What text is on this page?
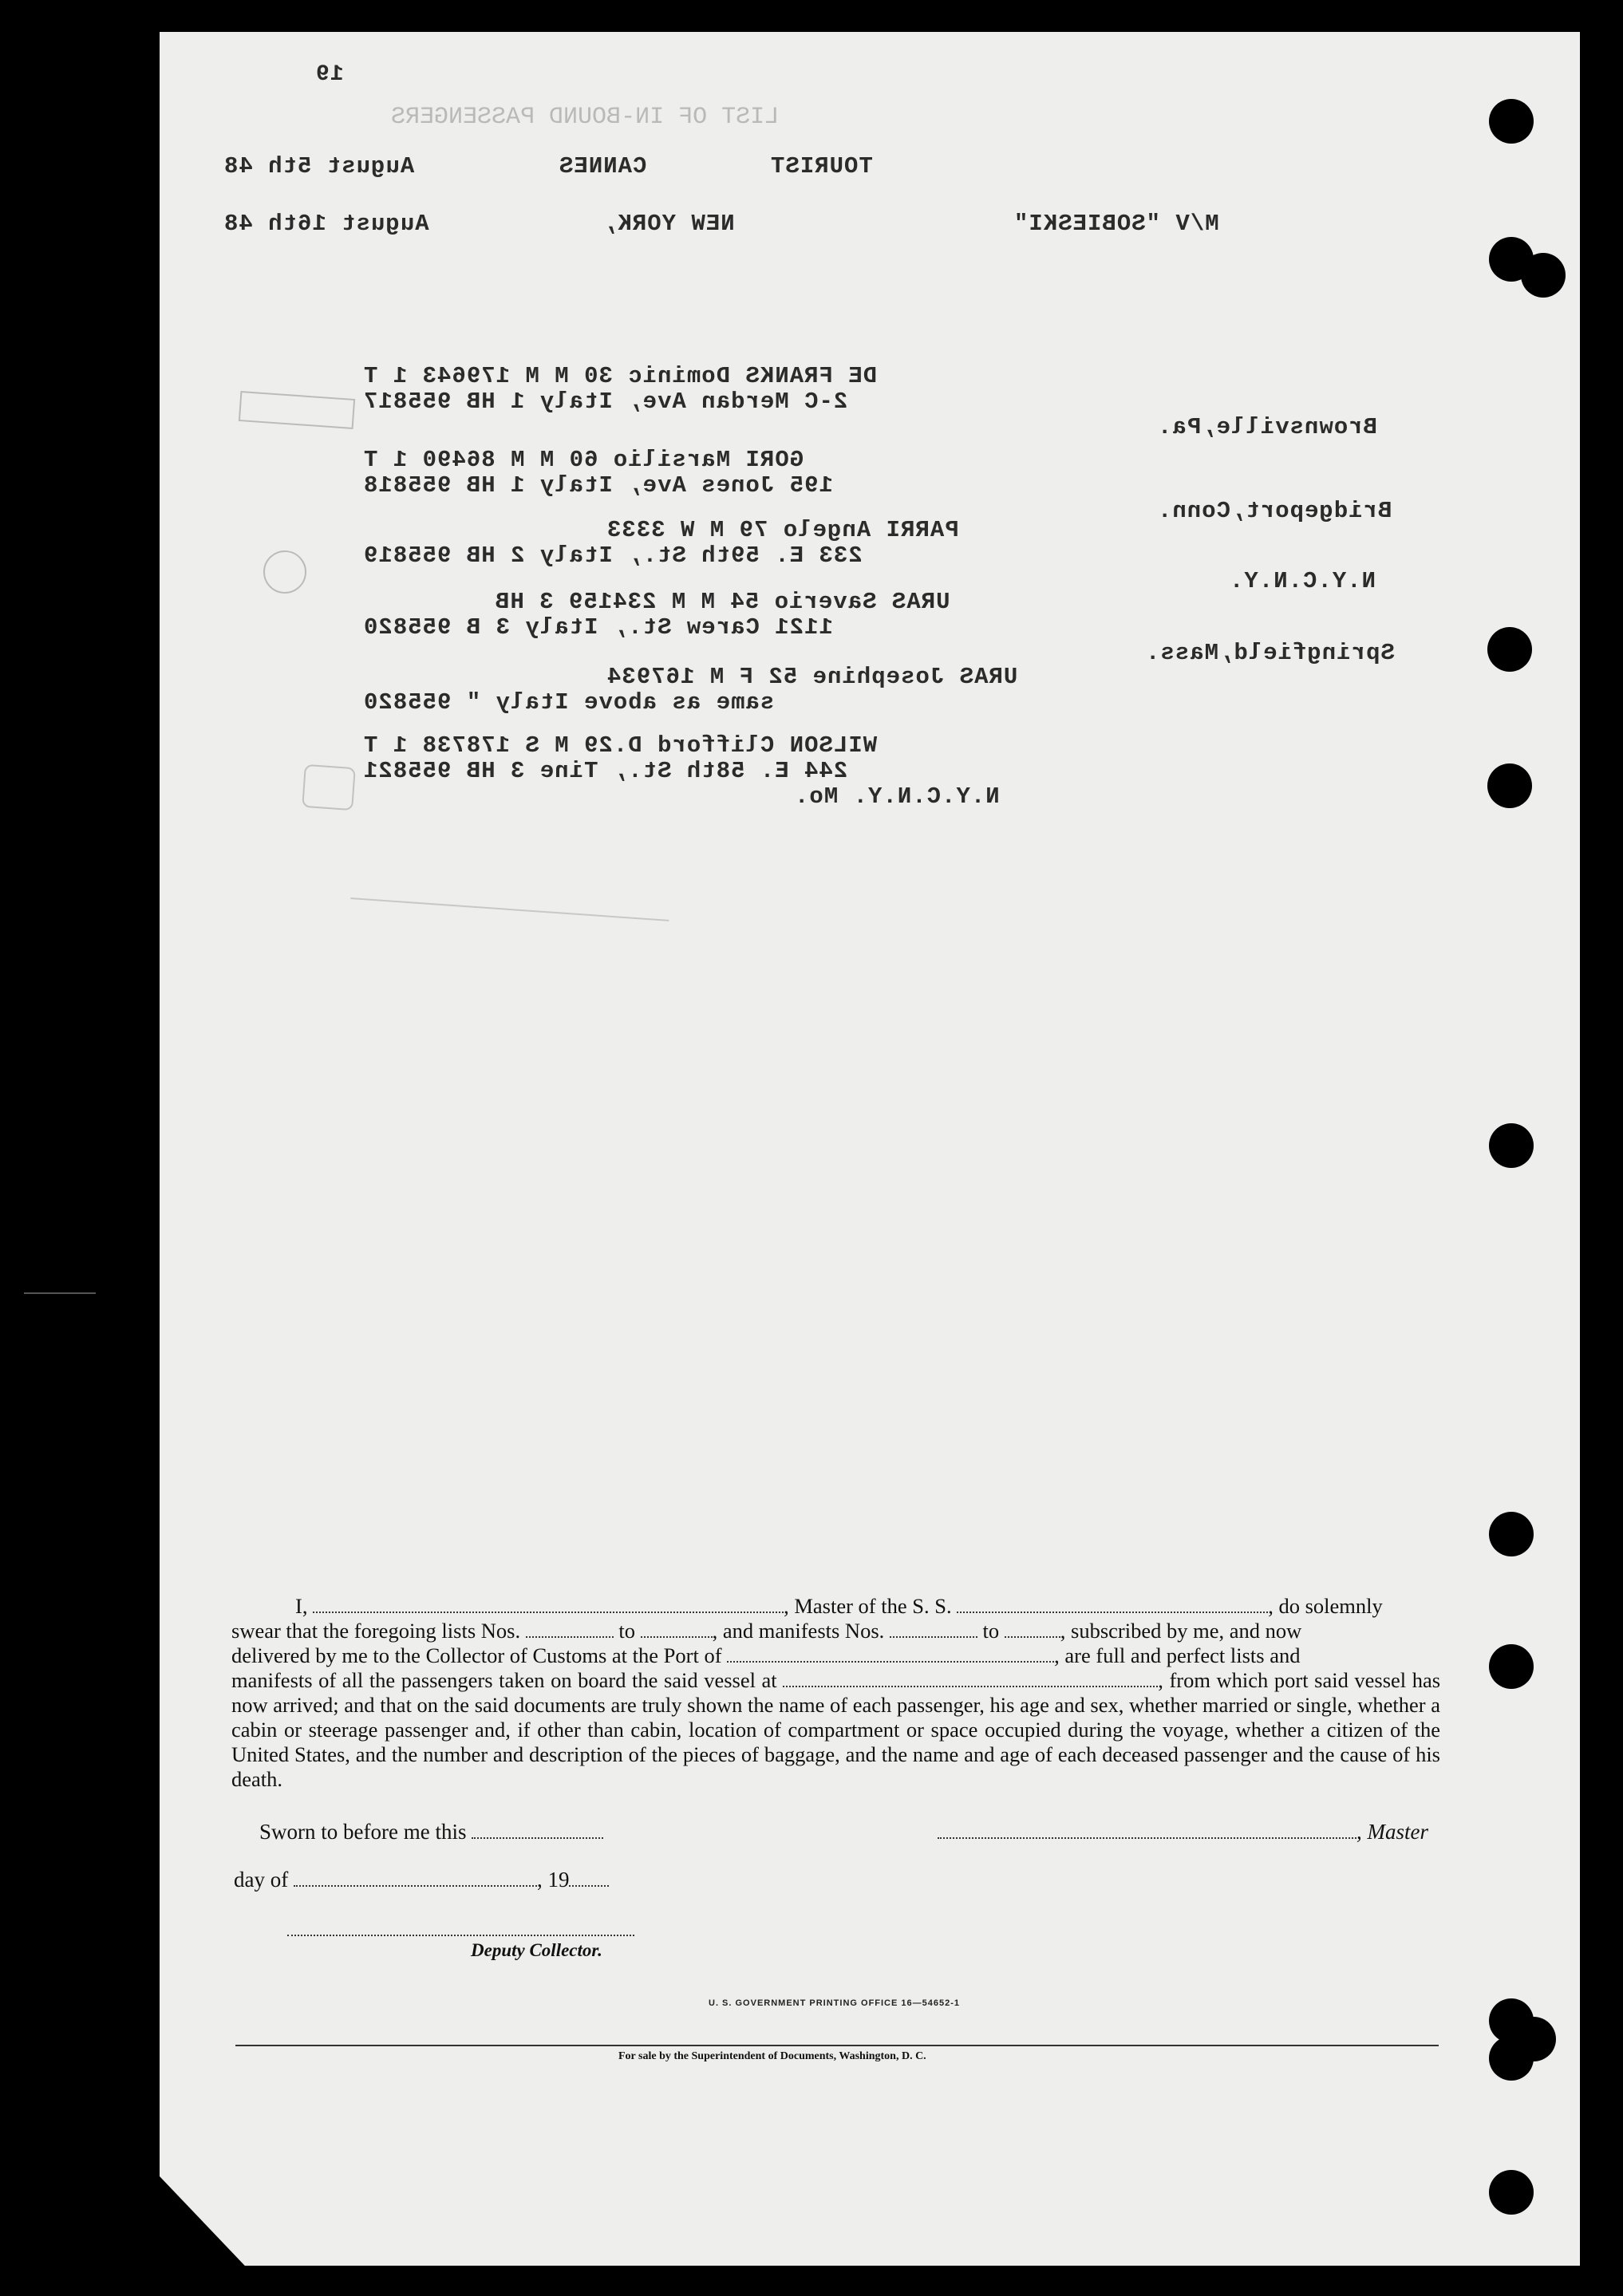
LIST OF IN-BOUND PASSENGERS
19
TOURIST
CANNES
August 5th 48
M/V "SOBIESKI"
NEW YORK,
August 16th 48
DE FRANKS Dominic 30 M M 179643 1 T
2-C Merdan Ave, Italy 1 HB 955817
Brownsville,Pa.
GORI Marsilio 60 M M 86490 1 T
195 Jones Ave, Italy 1 HB 955818
Bridgeport,Conn.
PARRI Angelo 79 M W 3333
233 E. 59th St., Italy 2 HB 955819
N.Y.C.N.Y.
URAS Saverio 54 M M 234159 3 HB
1121 Carew St., Italy 3 B 955820
Springfield,Mass.
URAS Josephine 52 F M 167934
same as above Italy " 955820
WILSON Clifford D.29 M S 178738 1 T
244 E. 58th St., Tine 3 HB 955821
N.Y.C.N.Y. Mo.
I,	, Master of the S. S.	, do solemnly
swear that the foregoing lists Nos.	to	, and manifests Nos.	to	, subscribed by me, and now
delivered by me to the Collector of Customs at the Port of	, are full and perfect lists and
manifests of all the passengers taken on board the said vessel at	, from which port said vessel has now arrived; and that on the said documents are truly shown the name of each passenger, his age and sex, whether married or single, whether a cabin or steerage passenger and, if other than cabin, location of compartment or space occupied during the voyage, whether a citizen of the United States, and the number and description of the pieces of baggage, and the name and age of each deceased passenger and the cause of his death.
Sworn to before me this	, Master
day of	, 19
Deputy Collector.
U. S. GOVERNMENT PRINTING OFFICE 16—54652-1
For sale by the Superintendent of Documents, Washington, D. C.
